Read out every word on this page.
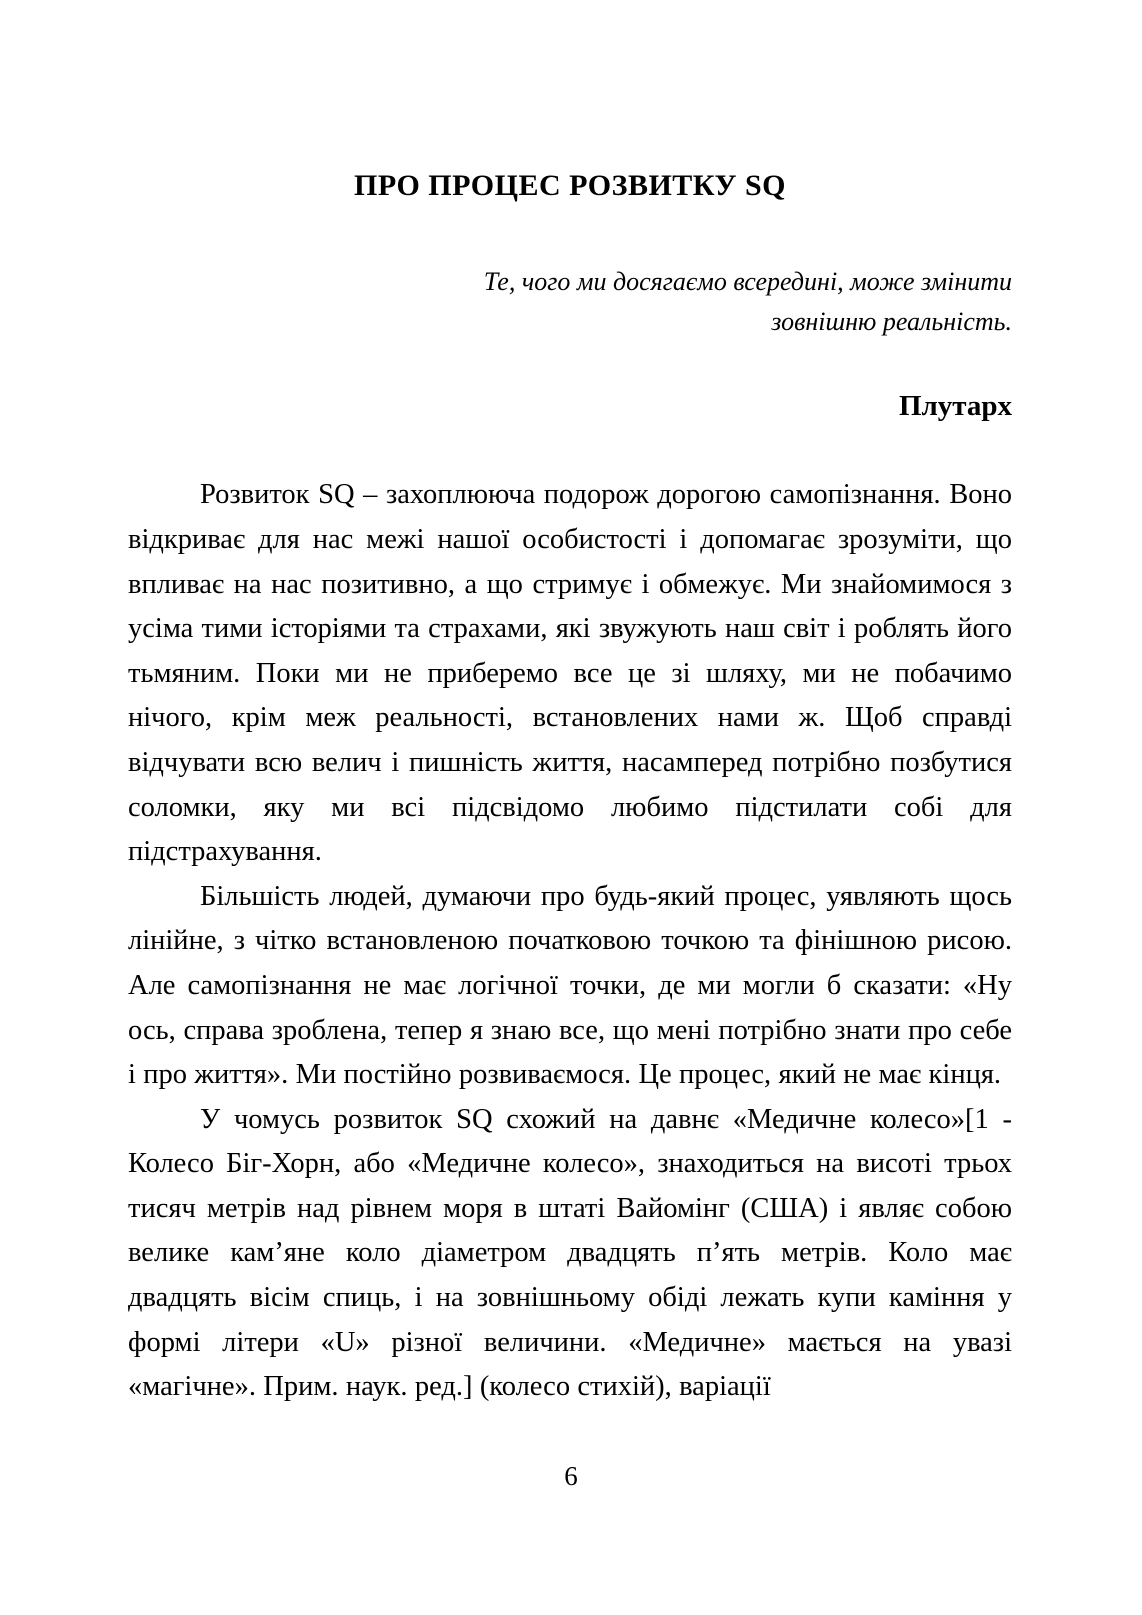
ПРО ПРОЦЕС РОЗВИТКУ SQ
Те, чого ми досягаємо всередині, може змінити
зовнішню реальність.
Плутарх

Розвиток SQ – захоплююча подорож дорогою самопізнання. Воно відкриває для нас межі нашої особистості і допомагає зрозуміти, що впливає на нас позитивно, а що стримує і обмежує. Ми знайомимося з усіма тими історіями та страхами, які звужують наш світ і роблять його тьмяним. Поки ми не приберемо все це зі шляху, ми не побачимо нічого, крім меж реальності, встановлених нами ж. Щоб справді відчувати всю велич і пишність життя, насамперед потрібно позбутися соломки, яку ми всі підсвідомо любимо підстилати собі для підстрахування.

Більшість людей, думаючи про будь-який процес, уявляють щось лінійне, з чітко встановленою початковою точкою та фінішною рисою. Але самопізнання не має логічної точки, де ми могли б сказати: «Ну ось, справа зроблена, тепер я знаю все, що мені потрібно знати про себе і про життя». Ми постійно розвиваємося. Це процес, який не має кінця.

У чомусь розвиток SQ схожий на давнє «Медичне колесо»[1 - Колесо Біг-Хорн, або «Медичне колесо», знаходиться на висоті трьох тисяч метрів над рівнем моря в штаті Вайомінг (США) і являє собою велике кам’яне коло діаметром двадцять п’ять метрів. Коло має двадцять вісім спиць, і на зовнішньому обіді лежать купи каміння у формі літери «U» різної величини. «Медичне» мається на увазі «магічне». Прим. наук. ред.] (колесо стихій), варіації

6
